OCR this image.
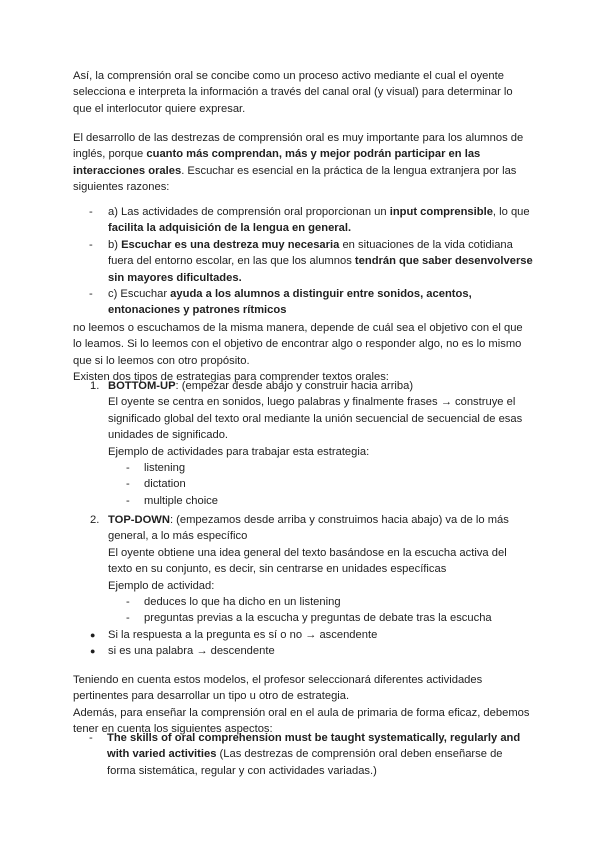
Así, la comprensión oral se concibe como un proceso activo mediante el cual el oyente selecciona e interpreta la información a través del canal oral (y visual) para determinar lo que el interlocutor quiere expresar.

El desarrollo de las destrezas de comprensión oral es muy importante para los alumnos de inglés, porque cuanto más comprendan, más y mejor podrán participar en las interacciones orales. Escuchar es esencial en la práctica de la lengua extranjera por las siguientes razones:

- a) Las actividades de comprensión oral proporcionan un input comprensible, lo que facilita la adquisición de la lengua en general.
- b) Escuchar es una destreza muy necesaria en situaciones de la vida cotidiana fuera del entorno escolar, en las que los alumnos tendrán que saber desenvolverse sin mayores dificultades.
- c) Escuchar ayuda a los alumnos a distinguir entre sonidos, acentos, entonaciones y patrones rítmicos

no leemos o escuchamos de la misma manera, depende de cuál sea el objetivo con el que lo leamos. Si lo leemos con el objetivo de encontrar algo o responder algo, no es lo mismo que si lo leemos con otro propósito.

Existen dos tipos de estrategias para comprender textos orales:

1. BOTTOM-UP: (empezar desde abajo y construir hacia arriba)

El oyente se centra en sonidos, luego palabras y finalmente frases → construye el significado global del texto oral mediante la unión secuencial de secuencial de esas unidades de significado.

Ejemplo de actividades para trabajar esta estrategia:

- listening
- dictation
- multiple choice
2. TOP-DOWN: (empezamos desde arriba y construimos hacia abajo) va de lo más general, a lo más específico

El oyente obtiene una idea general del texto basándose en la escucha activa del texto en su conjunto, es decir, sin centrarse en unidades específicas

Ejemplo de actividad:

- deduces lo que ha dicho en un listening
- preguntas previas a la escucha y preguntas de debate tras la escucha
● Si la respuesta a la pregunta es sí o no → ascendente
● si es una palabra → descendente

Teniendo en cuenta estos modelos, el profesor seleccionará diferentes actividades pertinentes para desarrollar un tipo u otro de estrategia.

Además, para enseñar la comprensión oral en el aula de primaria de forma eficaz, debemos tener en cuenta los siguientes aspectos:

- The skills of oral comprehension must be taught systematically, regularly and with varied activities (Las destrezas de comprensión oral deben enseñarse de forma sistemática, regular y con actividades variadas.)
